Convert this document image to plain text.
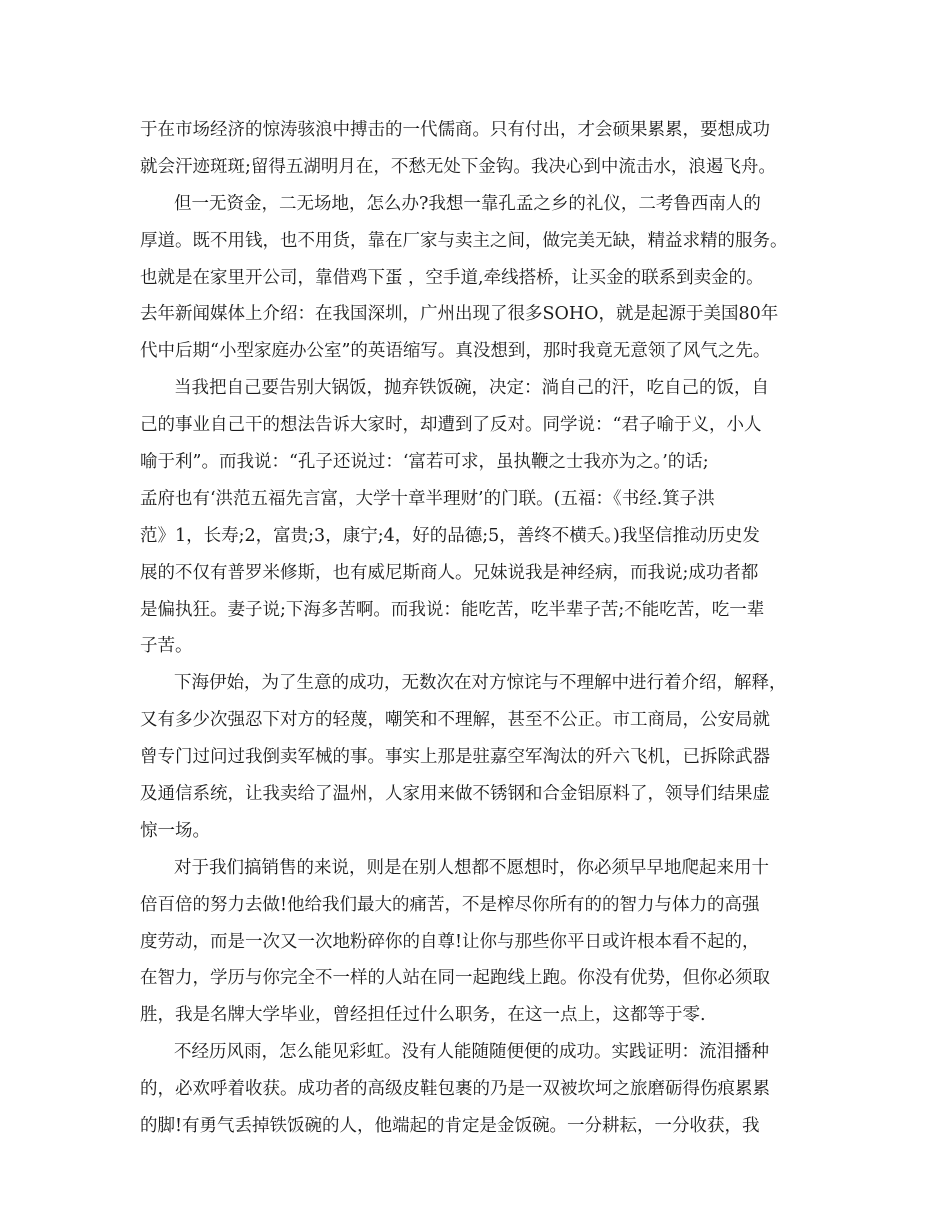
于在市场经济的惊涛骇浪中搏击的一代儒商。只有付出，才会硕果累累，要想成功
就会汗迹斑斑;留得五湖明月在，不愁无处下金钩。我决心到中流击水，浪遏飞舟。
但一无资金，二无场地，怎么办?我想一靠孔孟之乡的礼仪，二考鲁西南人的
厚道。既不用钱，也不用货，靠在厂家与卖主之间，做完美无缺，精益求精的服务。
也就是在家里开公司，靠借鸡下蛋 ，空手道,牵线搭桥，让买金的联系到卖金的。
去年新闻媒体上介绍：在我国深圳，广州出现了很多SOHO，就是起源于美国80年
代中后期“小型家庭办公室”的英语缩写。真没想到，那时我竟无意领了风气之先。
当我把自己要告别大锅饭，抛弃铁饭碗，决定：淌自己的汗，吃自己的饭，自
己的事业自己干的想法告诉大家时，却遭到了反对。同学说：“君子喻于义，小人
喻于利”。而我说：“孔子还说过：‘富若可求，虽执鞭之士我亦为之。’的话;
孟府也有‘洪范五福先言富，大学十章半理财’的门联。(五福：《书经.箕子洪
范》1，长寿;2，富贵;3，康宁;4，好的品德;5，善终不横夭。)我坚信推动历史发
展的不仅有普罗米修斯，也有威尼斯商人。兄妹说我是神经病，而我说;成功者都
是偏执狂。妻子说;下海多苦啊。而我说：能吃苦，吃半辈子苦;不能吃苦，吃一辈
子苦。
下海伊始，为了生意的成功，无数次在对方惊诧与不理解中进行着介绍，解释，
又有多少次强忍下对方的轻蔑，嘲笑和不理解，甚至不公正。市工商局，公安局就
曾专门过问过我倒卖军械的事。事实上那是驻嘉空军淘汰的歼六飞机，已拆除武器
及通信系统，让我卖给了温州，人家用来做不锈钢和合金铝原料了，领导们结果虚
惊一场。
对于我们搞销售的来说，则是在别人想都不愿想时，你必须早早地爬起来用十
倍百倍的努力去做!他给我们最大的痛苦，不是榨尽你所有的的智力与体力的高强
度劳动，而是一次又一次地粉碎你的自尊!让你与那些你平日或许根本看不起的，
在智力，学历与你完全不一样的人站在同一起跑线上跑。你没有优势，但你必须取
胜，我是名牌大学毕业，曾经担任过什么职务，在这一点上，这都等于零.
不经历风雨，怎么能见彩虹。没有人能随随便便的成功。实践证明：流泪播种
的，必欢呼着收获。成功者的高级皮鞋包裹的乃是一双被坎坷之旅磨砺得伤痕累累
的脚!有勇气丢掉铁饭碗的人，他端起的肯定是金饭碗。一分耕耘，一分收获，我
